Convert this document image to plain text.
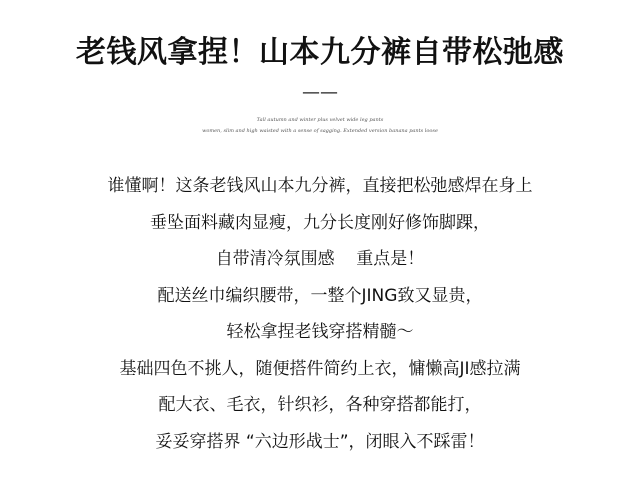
老钱风拿捏！山本九分裤自带松弛感
——
Tall autumn and winter plus velvet wide leg pants
women, slim and high waisted with a sense of sagging. Extended version banana pants loose
谁懂啊！这条老钱风山本九分裤，直接把松弛感焊在身上
垂坠面料藏肉显瘦，九分长度刚好修饰脚踝，
自带清冷氛围感    重点是！
配送丝巾编织腰带，一整个JING致又显贵，
轻松拿捏老钱穿搭精髓～
基础四色不挑人，随便搭件简约上衣，慵懒高JI感拉满
配大衣、毛衣，针织衫，各种穿搭都能打，
妥妥穿搭界 “六边形战士”，闭眼入不踩雷！
